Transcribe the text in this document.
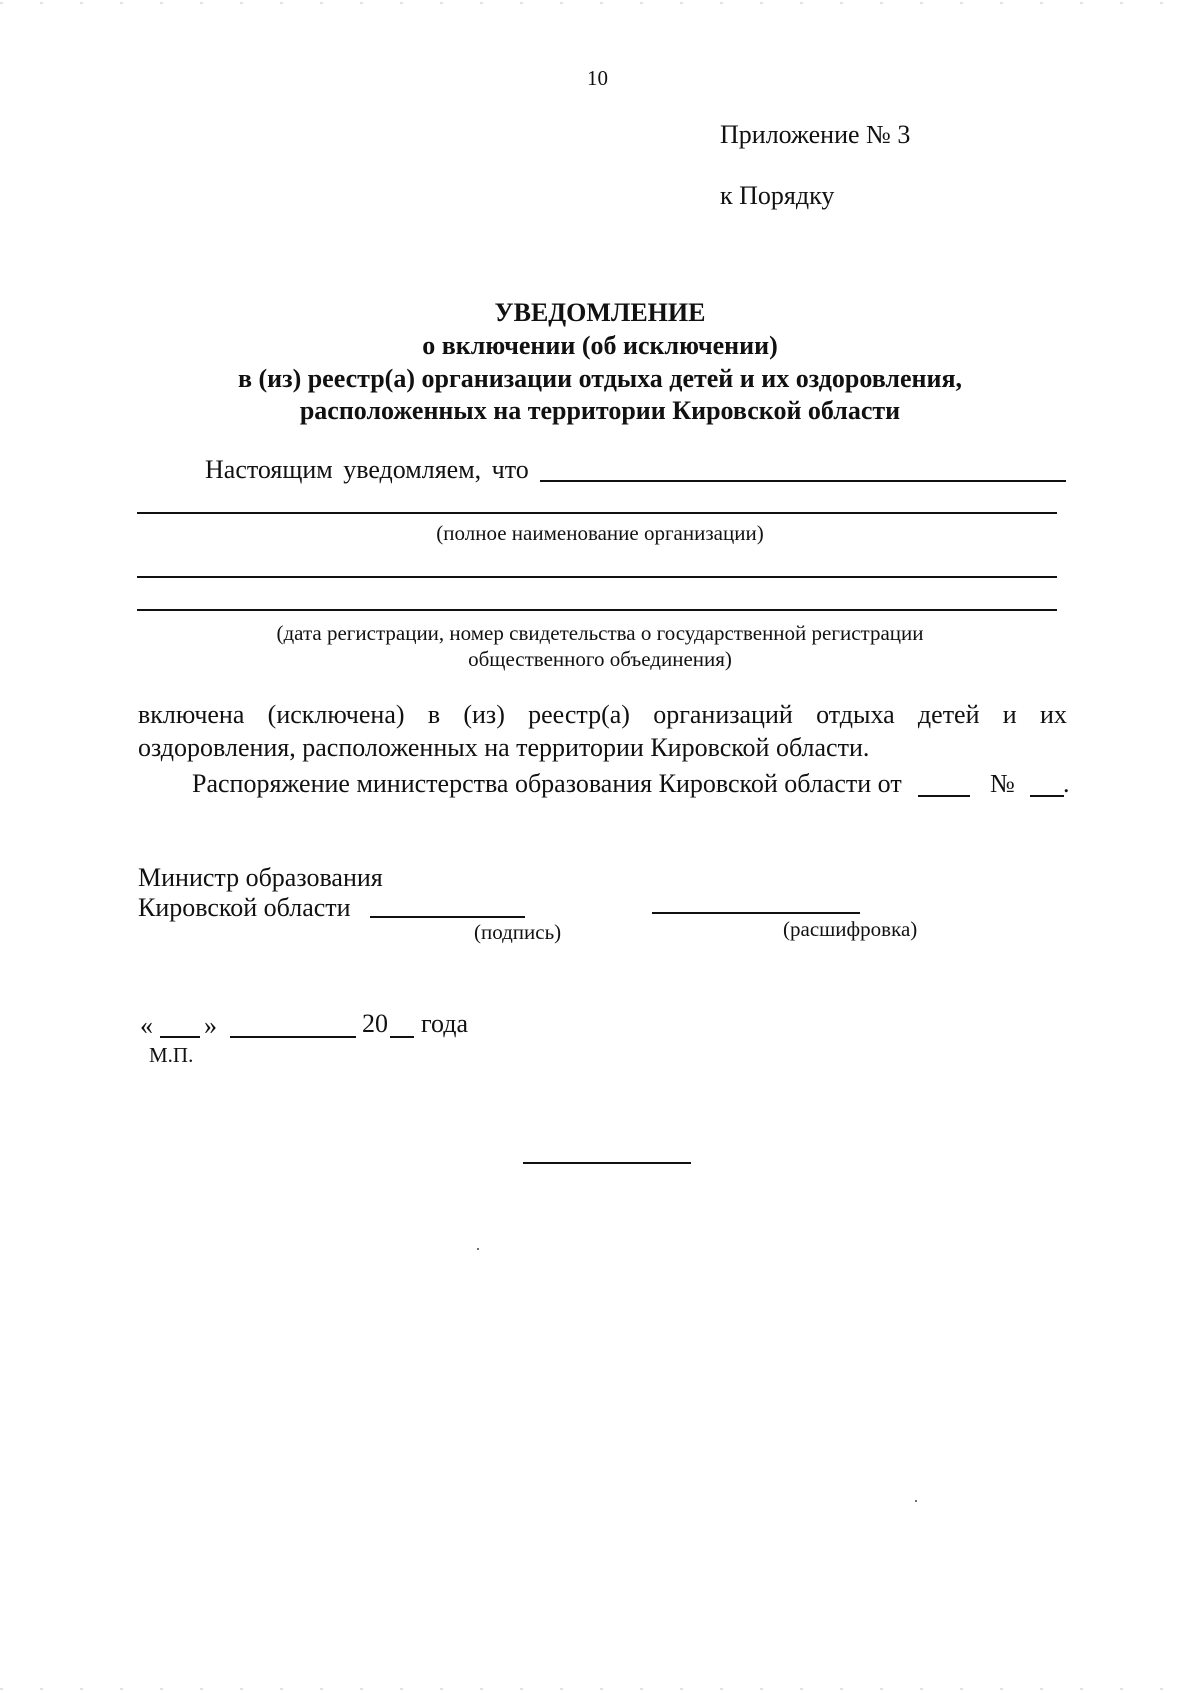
10
Приложение № 3
к Порядку
УВЕДОМЛЕНИЕ
о включении (об исключении)
в (из) реестр(а) организации отдыха детей и их оздоровления,
расположенных на территории Кировской области
Настоящим уведомляем, что
(полное наименование организации)
(дата регистрации, номер свидетельства о государственной регистрации
общественного объединения)
включена (исключена) в (из) реестр(а) организаций отдыха детей и их
оздоровления, расположенных на территории Кировской области.
Распоряжение министерства образования Кировской области от	№ .
Министр образования
Кировской области
(подпись)	(расшифровка)
« »	20 года
М.П.
